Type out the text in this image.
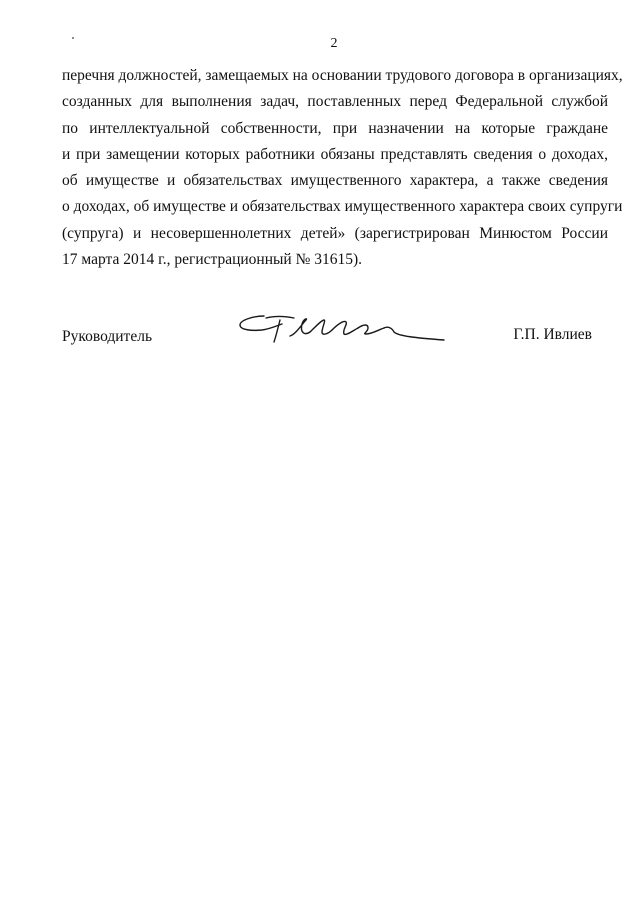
2
перечня должностей, замещаемых на основании трудового договора в организациях,
созданных для выполнения задач, поставленных перед Федеральной службой
по интеллектуальной собственности, при назначении на которые граждане
и при замещении которых работники обязаны представлять сведения о доходах,
об имуществе и обязательствах имущественного характера, а также сведения
о доходах, об имуществе и обязательствах имущественного характера своих супруги
(супруга) и несовершеннолетних детей» (зарегистрирован Минюстом России
17 марта 2014 г., регистрационный № 31615).
Руководитель	Г.П. Ивлиев
